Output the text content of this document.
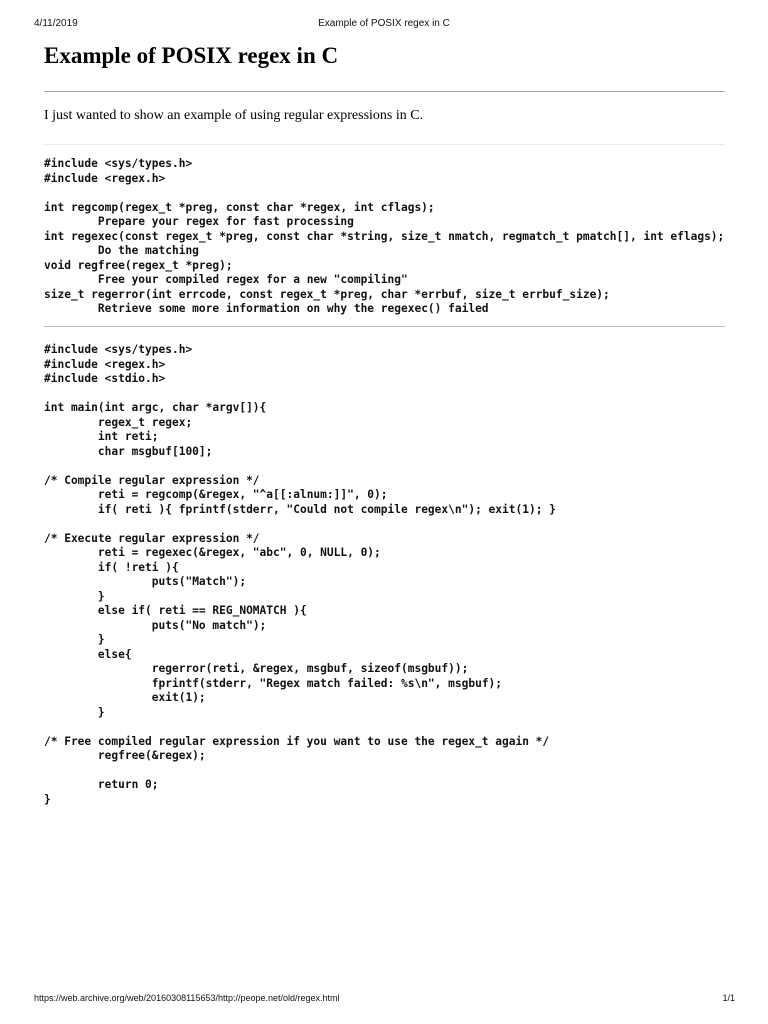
4/11/2019	Example of POSIX regex in C
Example of POSIX regex in C

I just wanted to show an example of using regular expressions in C.

#include <sys/types.h>
#include <regex.h>

int regcomp(regex_t *preg, const char *regex, int cflags);
	Prepare your regex for fast processing
int regexec(const regex_t *preg, const char *string, size_t nmatch, regmatch_t pmatch[], int eflags);
	Do the matching
void regfree(regex_t *preg);
	Free your compiled regex for a new "compiling"
size_t regerror(int errcode, const regex_t *preg, char *errbuf, size_t errbuf_size);
	Retrieve some more information on why the regexec() failed
#include <sys/types.h>
#include <regex.h>
#include <stdio.h>

int main(int argc, char *argv[]){
	regex_t regex;
	int reti;
	char msgbuf[100];

/* Compile regular expression */
	reti = regcomp(&regex, "^a[[:alnum:]]", 0);
	if( reti ){ fprintf(stderr, "Could not compile regex\n"); exit(1); }

/* Execute regular expression */
	reti = regexec(&regex, "abc", 0, NULL, 0);
	if( !reti ){
		puts("Match");
	}
	else if( reti == REG_NOMATCH ){
		puts("No match");
	}
	else{
		regerror(reti, &regex, msgbuf, sizeof(msgbuf));
		fprintf(stderr, "Regex match failed: %s\n", msgbuf);
		exit(1);
	}

/* Free compiled regular expression if you want to use the regex_t again */
	regfree(&regex);

	return 0;
}
https://web.archive.org/web/20160308115653/http://peope.net/old/regex.html	1/1
